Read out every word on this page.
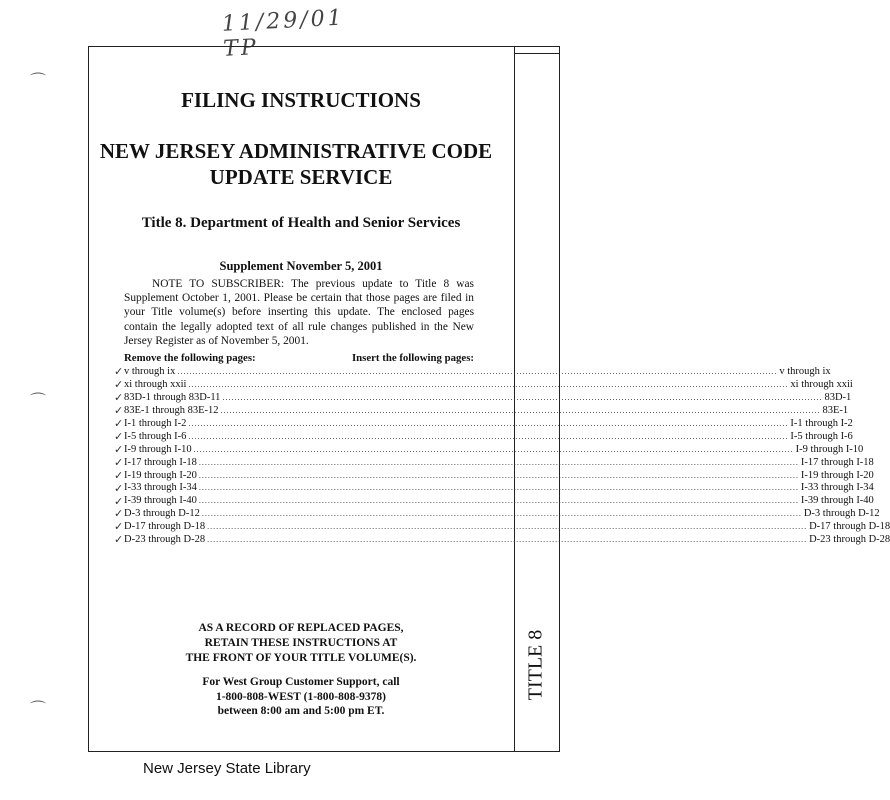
11/29/01 TP
⌒
⌒
⌒
TITLE 8
FILING INSTRUCTIONS
NEW JERSEY ADMINISTRATIVE CODE
UPDATE SERVICE
Title 8. Department of Health and Senior Services
Supplement November 5, 2001
NOTE TO SUBSCRIBER: The previous update to Title 8 was Supplement October 1, 2001. Please be certain that those pages are filed in your Title volume(s) before inserting this update. The enclosed pages contain the legally adopted text of all rule changes published in the New Jersey Register as of November 5, 2001.
Remove the following pages:	Insert the following pages:
v through ix ........................................................................................................................................................................................................ v through ix
xi through xxii ........................................................................................................................................................................................................ xi through xxii
83D-1 through 83D-11 ........................................................................................................................................................................................................ 83D-1
83E-1 through 83E-12 ........................................................................................................................................................................................................ 83E-1
I-1 through I-2 ........................................................................................................................................................................................................ I-1 through I-2
I-5 through I-6 ........................................................................................................................................................................................................ I-5 through I-6
I-9 through I-10 ........................................................................................................................................................................................................ I-9 through I-10
I-17 through I-18 ........................................................................................................................................................................................................ I-17 through I-18
I-19 through I-20 ........................................................................................................................................................................................................ I-19 through I-20
I-33 through I-34 ........................................................................................................................................................................................................ I-33 through I-34
I-39 through I-40 ........................................................................................................................................................................................................ I-39 through I-40
D-3 through D-12 ........................................................................................................................................................................................................ D-3 through D-12
D-17 through D-18 ........................................................................................................................................................................................................ D-17 through D-18
D-23 through D-28 ........................................................................................................................................................................................................ D-23 through D-28
AS A RECORD OF REPLACED PAGES,
RETAIN THESE INSTRUCTIONS AT
THE FRONT OF YOUR TITLE VOLUME(S).
For West Group Customer Support, call
1-800-808-WEST (1-800-808-9378)
between 8:00 am and 5:00 pm ET.
New Jersey State Library
✓
✓
✓
✓
✓
✓
✓
✓
✓
✓
✓
✓
✓
✓
